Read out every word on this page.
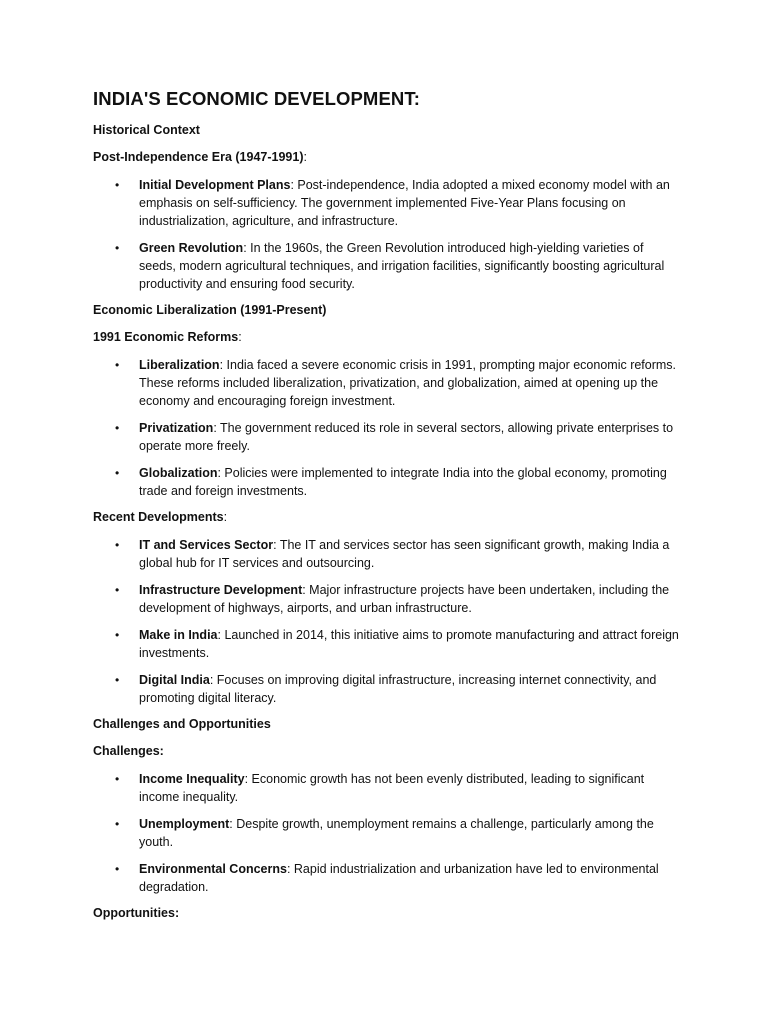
INDIA'S ECONOMIC DEVELOPMENT:
Historical Context
Post-Independence Era (1947-1991):
• Initial Development Plans: Post-independence, India adopted a mixed economy model with an emphasis on self-sufficiency. The government implemented Five-Year Plans focusing on industrialization, agriculture, and infrastructure.
• Green Revolution: In the 1960s, the Green Revolution introduced high-yielding varieties of seeds, modern agricultural techniques, and irrigation facilities, significantly boosting agricultural productivity and ensuring food security.
Economic Liberalization (1991-Present)
1991 Economic Reforms:
• Liberalization: India faced a severe economic crisis in 1991, prompting major economic reforms. These reforms included liberalization, privatization, and globalization, aimed at opening up the economy and encouraging foreign investment.
• Privatization: The government reduced its role in several sectors, allowing private enterprises to operate more freely.
• Globalization: Policies were implemented to integrate India into the global economy, promoting trade and foreign investments.
Recent Developments:
• IT and Services Sector: The IT and services sector has seen significant growth, making India a global hub for IT services and outsourcing.
• Infrastructure Development: Major infrastructure projects have been undertaken, including the development of highways, airports, and urban infrastructure.
• Make in India: Launched in 2014, this initiative aims to promote manufacturing and attract foreign investments.
• Digital India: Focuses on improving digital infrastructure, increasing internet connectivity, and promoting digital literacy.
Challenges and Opportunities
Challenges:
• Income Inequality: Economic growth has not been evenly distributed, leading to significant income inequality.
• Unemployment: Despite growth, unemployment remains a challenge, particularly among the youth.
• Environmental Concerns: Rapid industrialization and urbanization have led to environmental degradation.
Opportunities:
